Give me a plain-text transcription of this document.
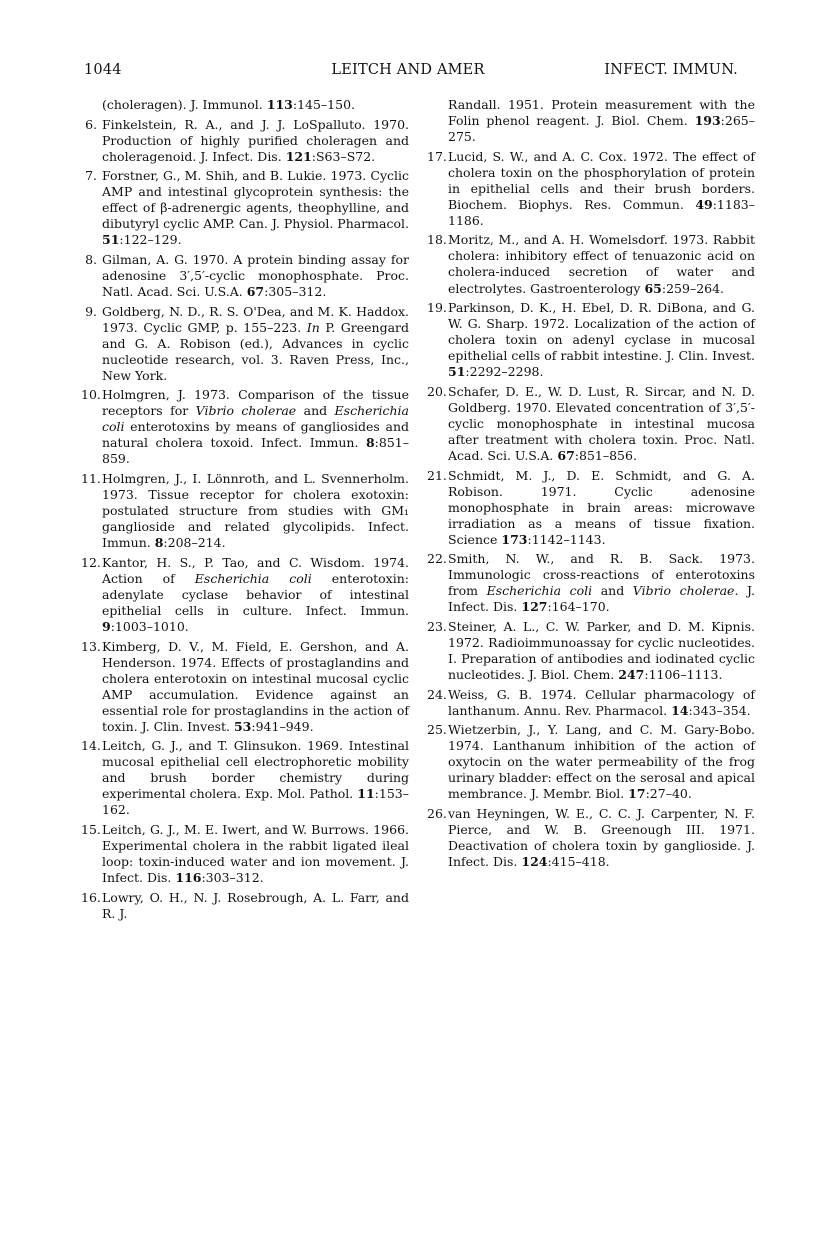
1044	LEITCH AND AMER	INFECT. IMMUN.
(choleragen). J. Immunol. 113:145–150.
6. Finkelstein, R. A., and J. J. LoSpalluto. 1970. Production of highly purified choleragen and choleragenoid. J. Infect. Dis. 121:S63–S72.
7. Forstner, G., M. Shih, and B. Lukie. 1973. Cyclic AMP and intestinal glycoprotein synthesis: the effect of β-adrenergic agents, theophylline, and dibutyryl cyclic AMP. Can. J. Physiol. Pharmacol. 51:122–129.
8. Gilman, A. G. 1970. A protein binding assay for adenosine 3′,5′-cyclic monophosphate. Proc. Natl. Acad. Sci. U.S.A. 67:305–312.
9. Goldberg, N. D., R. S. O'Dea, and M. K. Haddox. 1973. Cyclic GMP, p. 155–223. In P. Greengard and G. A. Robison (ed.), Advances in cyclic nucleotide research, vol. 3. Raven Press, Inc., New York.
10. Holmgren, J. 1973. Comparison of the tissue receptors for Vibrio cholerae and Escherichia coli enterotoxins by means of gangliosides and natural cholera toxoid. Infect. Immun. 8:851–859.
11. Holmgren, J., I. Lönnroth, and L. Svennerholm. 1973. Tissue receptor for cholera exotoxin: postulated structure from studies with GM₁ ganglioside and related glycolipids. Infect. Immun. 8:208–214.
12. Kantor, H. S., P. Tao, and C. Wisdom. 1974. Action of Escherichia coli enterotoxin: adenylate cyclase behavior of intestinal epithelial cells in culture. Infect. Immun. 9:1003–1010.
13. Kimberg, D. V., M. Field, E. Gershon, and A. Henderson. 1974. Effects of prostaglandins and cholera enterotoxin on intestinal mucosal cyclic AMP accumulation. Evidence against an essential role for prostaglandins in the action of toxin. J. Clin. Invest. 53:941–949.
14. Leitch, G. J., and T. Glinsukon. 1969. Intestinal mucosal epithelial cell electrophoretic mobility and brush border chemistry during experimental cholera. Exp. Mol. Pathol. 11:153–162.
15. Leitch, G. J., M. E. Iwert, and W. Burrows. 1966. Experimental cholera in the rabbit ligated ileal loop: toxin-induced water and ion movement. J. Infect. Dis. 116:303–312.
16. Lowry, O. H., N. J. Rosebrough, A. L. Farr, and R. J.
Randall. 1951. Protein measurement with the Folin phenol reagent. J. Biol. Chem. 193:265–275.
17. Lucid, S. W., and A. C. Cox. 1972. The effect of cholera toxin on the phosphorylation of protein in epithelial cells and their brush borders. Biochem. Biophys. Res. Commun. 49:1183–1186.
18. Moritz, M., and A. H. Womelsdorf. 1973. Rabbit cholera: inhibitory effect of tenuazonic acid on cholera-induced secretion of water and electrolytes. Gastroenterology 65:259–264.
19. Parkinson, D. K., H. Ebel, D. R. DiBona, and G. W. G. Sharp. 1972. Localization of the action of cholera toxin on adenyl cyclase in mucosal epithelial cells of rabbit intestine. J. Clin. Invest. 51:2292–2298.
20. Schafer, D. E., W. D. Lust, R. Sircar, and N. D. Goldberg. 1970. Elevated concentration of 3′,5′-cyclic monophosphate in intestinal mucosa after treatment with cholera toxin. Proc. Natl. Acad. Sci. U.S.A. 67:851–856.
21. Schmidt, M. J., D. E. Schmidt, and G. A. Robison. 1971. Cyclic adenosine monophosphate in brain areas: microwave irradiation as a means of tissue fixation. Science 173:1142–1143.
22. Smith, N. W., and R. B. Sack. 1973. Immunologic cross-reactions of enterotoxins from Escherichia coli and Vibrio cholerae. J. Infect. Dis. 127:164–170.
23. Steiner, A. L., C. W. Parker, and D. M. Kipnis. 1972. Radioimmunoassay for cyclic nucleotides. I. Preparation of antibodies and iodinated cyclic nucleotides. J. Biol. Chem. 247:1106–1113.
24. Weiss, G. B. 1974. Cellular pharmacology of lanthanum. Annu. Rev. Pharmacol. 14:343–354.
25. Wietzerbin, J., Y. Lang, and C. M. Gary-Bobo. 1974. Lanthanum inhibition of the action of oxytocin on the water permeability of the frog urinary bladder: effect on the serosal and apical membrance. J. Membr. Biol. 17:27–40.
26. van Heyningen, W. E., C. C. J. Carpenter, N. F. Pierce, and W. B. Greenough III. 1971. Deactivation of cholera toxin by ganglioside. J. Infect. Dis. 124:415–418.
